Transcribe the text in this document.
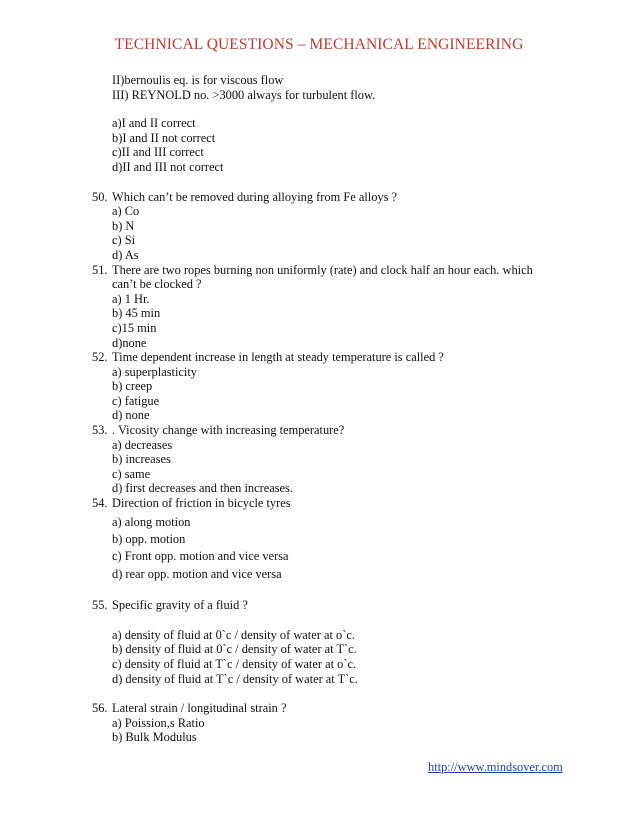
TECHNICAL QUESTIONS – MECHANICAL ENGINEERING
II)bernoulis eq. is for viscous flow
III) REYNOLD no. >3000 always for turbulent flow.
a)I and II correct
b)I and II not correct
c)II and III correct
d)II and III not correct
50. Which can’t be removed during alloying from Fe alloys ?
a) Co
b) N
c) Si
d) As
51. There are two ropes burning non uniformly (rate) and clock half an hour each. which
can’t be clocked ?
a) 1 Hr.
b) 45 min
c)15 min
d)none
52. Time dependent increase in length at steady temperature is called ?
a) superplasticity
b) creep
c) fatigue
d) none
53. . Vicosity change with increasing temperature?
a) decreases
b) increases
c) same
d) first decreases and then increases.
54. Direction of friction in bicycle tyres
a) along motion
b) opp. motion
c) Front opp. motion and vice versa
d) rear opp. motion and vice versa
55. Specific gravity of a fluid ?
a) density of fluid at 0`c / density of water at o`c.
b) density of fluid at 0`c / density of water at T`c.
c) density of fluid at T`c / density of water at o`c.
d) density of fluid at T`c / density of water at T`c.
56. Lateral strain / longitudinal strain ?
a) Poission,s Ratio
b) Bulk Modulus
http://www.mindsover.com
